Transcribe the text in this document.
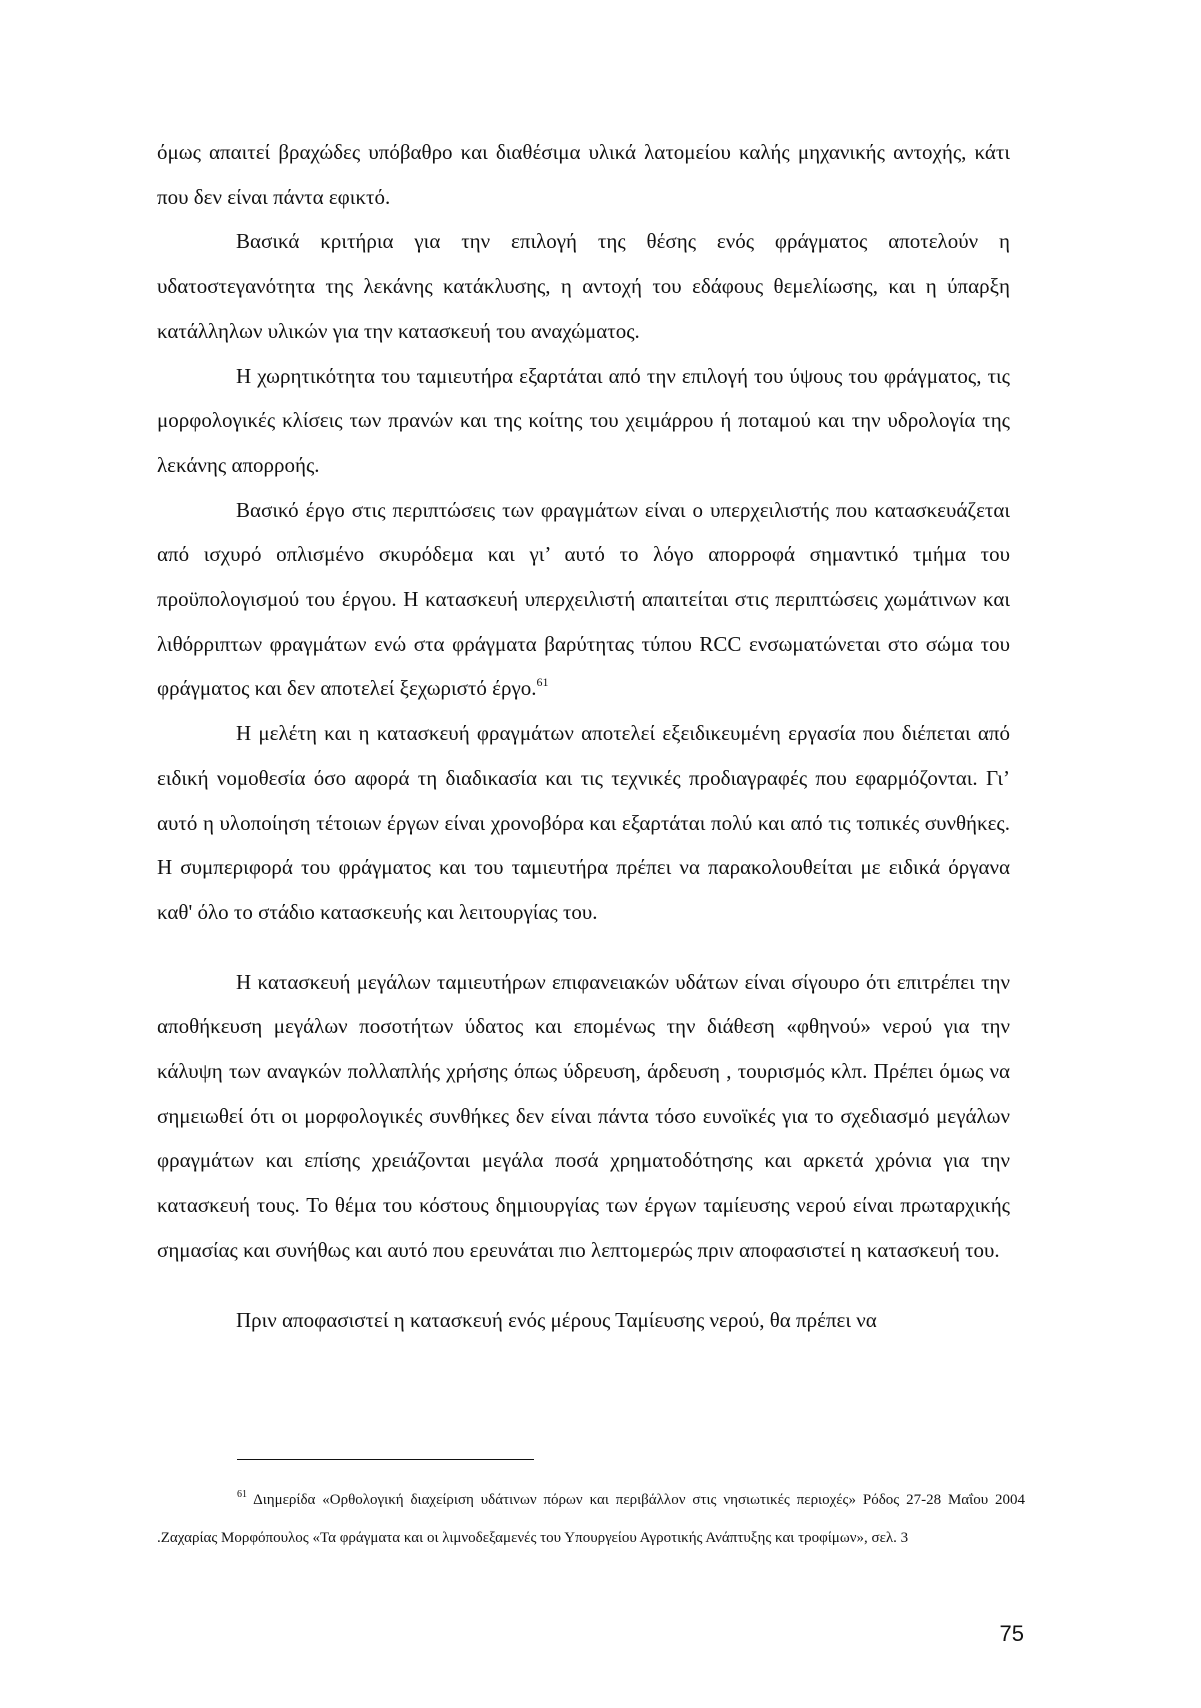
όμως απαιτεί βραχώδες υπόβαθρο και διαθέσιμα υλικά λατομείου καλής μηχανικής αντοχής, κάτι που δεν είναι πάντα εφικτό.

Βασικά κριτήρια για την επιλογή της θέσης ενός φράγματος αποτελούν η υδατοστεγανότητα της λεκάνης κατάκλυσης, η αντοχή του εδάφους θεμελίωσης, και η ύπαρξη κατάλληλων υλικών για την κατασκευή του αναχώματος.

Η χωρητικότητα του ταμιευτήρα εξαρτάται από την επιλογή του ύψους του φράγματος, τις μορφολογικές κλίσεις των πρανών και της κοίτης του χειμάρρου ή ποταμού και την υδρολογία της λεκάνης απορροής.

Βασικό έργο στις περιπτώσεις των φραγμάτων είναι ο υπερχειλιστής που κατασκευάζεται από ισχυρό οπλισμένο σκυρόδεμα και γι’ αυτό το λόγο απορροφά σημαντικό τμήμα του προϋπολογισμού του έργου. Η κατασκευή υπερχειλιστή απαιτείται στις περιπτώσεις χωμάτινων και λιθόρριπτων φραγμάτων ενώ στα φράγματα βαρύτητας τύπου RCC ενσωματώνεται στο σώμα του φράγματος και δεν αποτελεί ξεχωριστό έργο.$^{61}$

Η μελέτη και η κατασκευή φραγμάτων αποτελεί εξειδικευμένη εργασία που διέπεται από ειδική νομοθεσία όσο αφορά τη διαδικασία και τις τεχνικές προδιαγραφές που εφαρμόζονται. Γι’ αυτό η υλοποίηση τέτοιων έργων είναι χρονοβόρα και εξαρτάται πολύ και από τις τοπικές συνθήκες. Η συμπεριφορά του φράγματος και του ταμιευτήρα πρέπει να παρακολουθείται με ειδικά όργανα καθ' όλο το στάδιο κατασκευής και λειτουργίας του.

Η κατασκευή μεγάλων ταμιευτήρων επιφανειακών υδάτων είναι σίγουρο ότι επιτρέπει την αποθήκευση μεγάλων ποσοτήτων ύδατος και επομένως την διάθεση «φθηνού» νερού για την κάλυψη των αναγκών πολλαπλής χρήσης όπως ύδρευση, άρδευση , τουρισμός κλπ. Πρέπει όμως να σημειωθεί ότι οι μορφολογικές συνθήκες δεν είναι πάντα τόσο ευνοϊκές για το σχεδιασμό μεγάλων φραγμάτων και επίσης χρειάζονται μεγάλα ποσά χρηματοδότησης και αρκετά χρόνια για την κατασκευή τους. Το θέμα του κόστους δημιουργίας των έργων ταμίευσης νερού είναι πρωταρχικής σημασίας και συνήθως και αυτό που ερευνάται πιο λεπτομερώς πριν αποφασιστεί η κατασκευή του.

Πριν αποφασιστεί η κατασκευή ενός μέρους Ταμίευσης νερού, θα πρέπει να

$^{61}$ Διημερίδα «Ορθολογική διαχείριση υδάτινων πόρων και περιβάλλον στις νησιωτικές περιοχές» Ρόδος 27-28 Μαΐου 2004 .Ζαχαρίας Μορφόπουλος «Τα φράγματα και οι λιμνοδεξαμενές του Υπουργείου Αγροτικής Ανάπτυξης και τροφίμων», σελ. 3
75
